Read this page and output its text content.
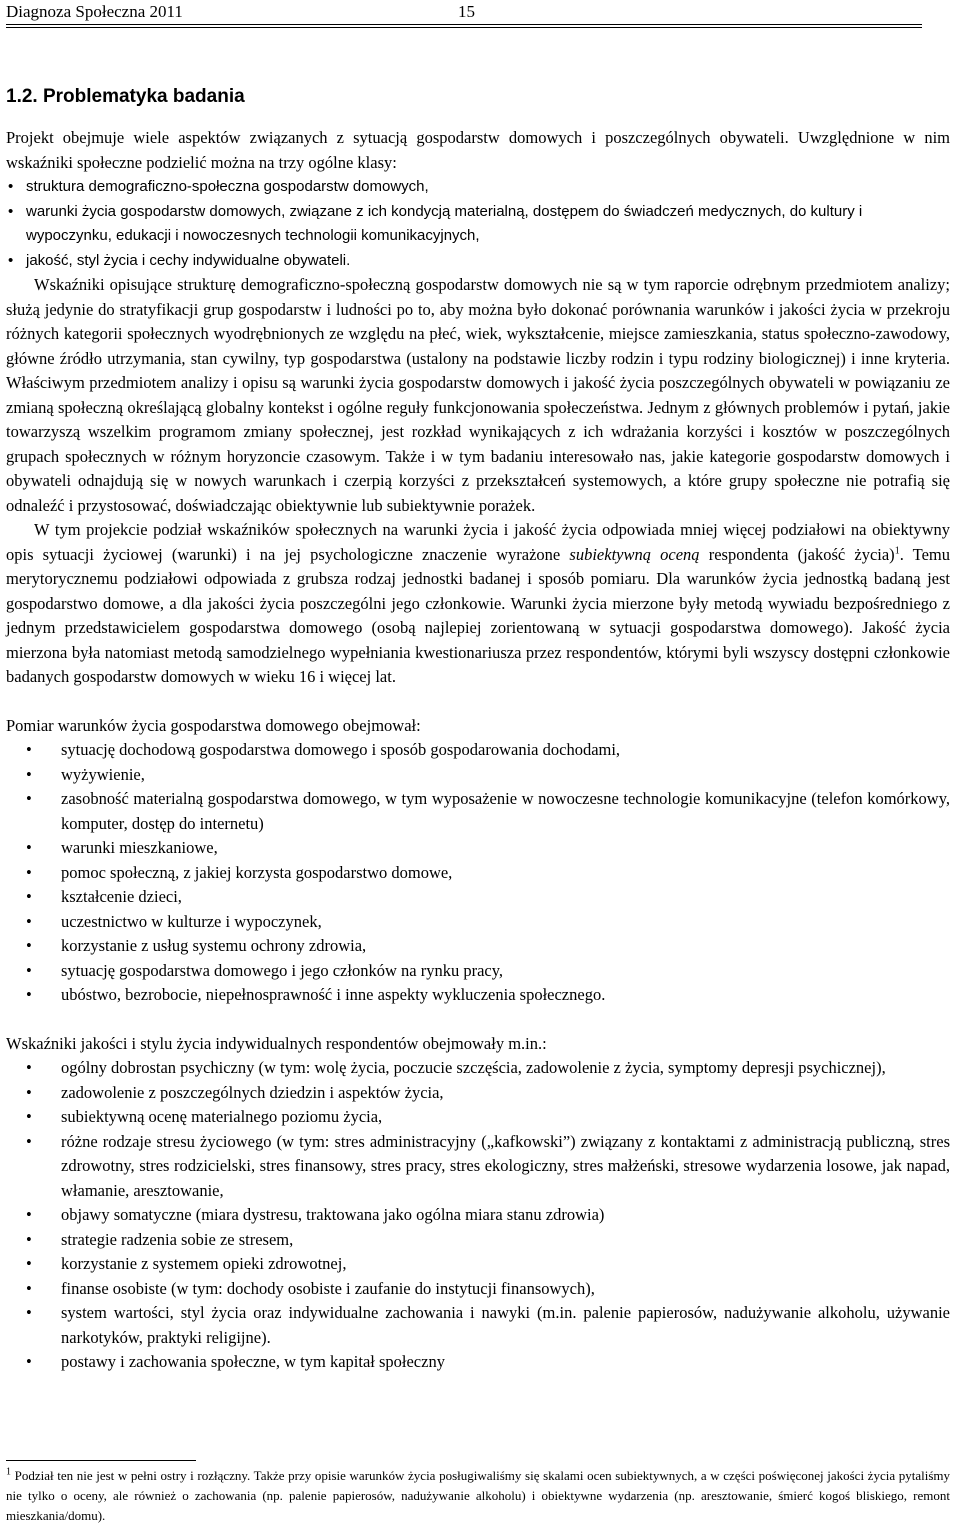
Diagnoza Społeczna 2011	15
1.2. Problematyka badania

Projekt obejmuje wiele aspektów związanych z sytuacją gospodarstw domowych i poszczególnych obywateli. Uwzględnione w nim wskaźniki społeczne podzielić można na trzy ogólne klasy:

• struktura demograficzno-społeczna gospodarstw domowych,
• warunki życia gospodarstw domowych, związane z ich kondycją materialną, dostępem do świadczeń medycznych, do kultury i wypoczynku, edukacji i nowoczesnych technologii komunikacyjnych,
• jakość, styl życia i cechy indywidualne obywateli.

Wskaźniki opisujące strukturę demograficzno-społeczną gospodarstw domowych nie są w tym raporcie odrębnym przedmiotem analizy; służą jedynie do stratyfikacji grup gospodarstw i ludności po to, aby można było dokonać porównania warunków i jakości życia w przekroju różnych kategorii społecznych wyodrębnionych ze względu na płeć, wiek, wykształcenie, miejsce zamieszkania, status społeczno-zawodowy, główne źródło utrzymania, stan cywilny, typ gospodarstwa (ustalony na podstawie liczby rodzin i typu rodziny biologicznej) i inne kryteria. Właściwym przedmiotem analizy i opisu są warunki życia gospodarstw domowych i jakość życia poszczególnych obywateli w powiązaniu ze zmianą społeczną określającą globalny kontekst i ogólne reguły funkcjonowania społeczeństwa. Jednym z głównych problemów i pytań, jakie towarzyszą wszelkim programom zmiany społecznej, jest rozkład wynikających z ich wdrażania korzyści i kosztów w poszczególnych grupach społecznych w różnym horyzoncie czasowym. Także i w tym badaniu interesowało nas, jakie kategorie gospodarstw domowych i obywateli odnajdują się w nowych warunkach i czerpią korzyści z przekształceń systemowych, a które grupy społeczne nie potrafią się odnaleźć i przystosować, doświadczając obiektywnie lub subiektywnie porażek.

W tym projekcie podział wskaźników społecznych na warunki życia i jakość życia odpowiada mniej więcej podziałowi na obiektywny opis sytuacji życiowej (warunki) i na jej psychologiczne znaczenie wyrażone subiektywną oceną respondenta (jakość życia)$^1$. Temu merytorycznemu podziałowi odpowiada z grubsza rodzaj jednostki badanej i sposób pomiaru. Dla warunków życia jednostką badaną jest gospodarstwo domowe, a dla jakości życia poszczególni jego członkowie. Warunki życia mierzone były metodą wywiadu bezpośredniego z jednym przedstawicielem gospodarstwa domowego (osobą najlepiej zorientowaną w sytuacji gospodarstwa domowego). Jakość życia mierzona była natomiast metodą samodzielnego wypełniania kwestionariusza przez respondentów, którymi byli wszyscy dostępni członkowie badanych gospodarstw domowych w wieku 16 i więcej lat.

Pomiar warunków życia gospodarstwa domowego obejmował:

• sytuację dochodową gospodarstwa domowego i sposób gospodarowania dochodami,
• wyżywienie,
• zasobność materialną gospodarstwa domowego, w tym wyposażenie w nowoczesne technologie komunikacyjne (telefon komórkowy, komputer, dostęp do internetu)
• warunki mieszkaniowe,
• pomoc społeczną, z jakiej korzysta gospodarstwo domowe,
• kształcenie dzieci,
• uczestnictwo w kulturze i wypoczynek,
• korzystanie z usług systemu ochrony zdrowia,
• sytuację gospodarstwa domowego i jego członków na rynku pracy,
• ubóstwo, bezrobocie, niepełnosprawność i inne aspekty wykluczenia społecznego.

Wskaźniki jakości i stylu życia indywidualnych respondentów obejmowały m.in.:

• ogólny dobrostan psychiczny (w tym: wolę życia, poczucie szczęścia, zadowolenie z życia, symptomy depresji psychicznej),
• zadowolenie z poszczególnych dziedzin i aspektów życia,
• subiektywną ocenę materialnego poziomu życia,
• różne rodzaje stresu życiowego (w tym: stres administracyjny („kafkowski”) związany z kontaktami z administracją publiczną, stres zdrowotny, stres rodzicielski, stres finansowy, stres pracy, stres ekologiczny, stres małżeński, stresowe wydarzenia losowe, jak napad, włamanie, aresztowanie,
• objawy somatyczne (miara dystresu, traktowana jako ogólna miara stanu zdrowia)
• strategie radzenia sobie ze stresem,
• korzystanie z systemem opieki zdrowotnej,
• finanse osobiste (w tym: dochody osobiste i zaufanie do instytucji finansowych),
• system wartości, styl życia oraz indywidualne zachowania i nawyki (m.in. palenie papierosów, nadużywanie alkoholu, używanie narkotyków, praktyki religijne).
• postawy i zachowania społeczne, w tym kapitał społeczny
$^1$ Podział ten nie jest w pełni ostry i rozłączny. Także przy opisie warunków życia posługiwaliśmy się skalami ocen subiektywnych, a w części poświęconej jakości życia pytaliśmy nie tylko o oceny, ale również o zachowania (np. palenie papierosów, nadużywanie alkoholu) i obiektywne wydarzenia (np. aresztowanie, śmierć kogoś bliskiego, remont mieszkania/domu).
